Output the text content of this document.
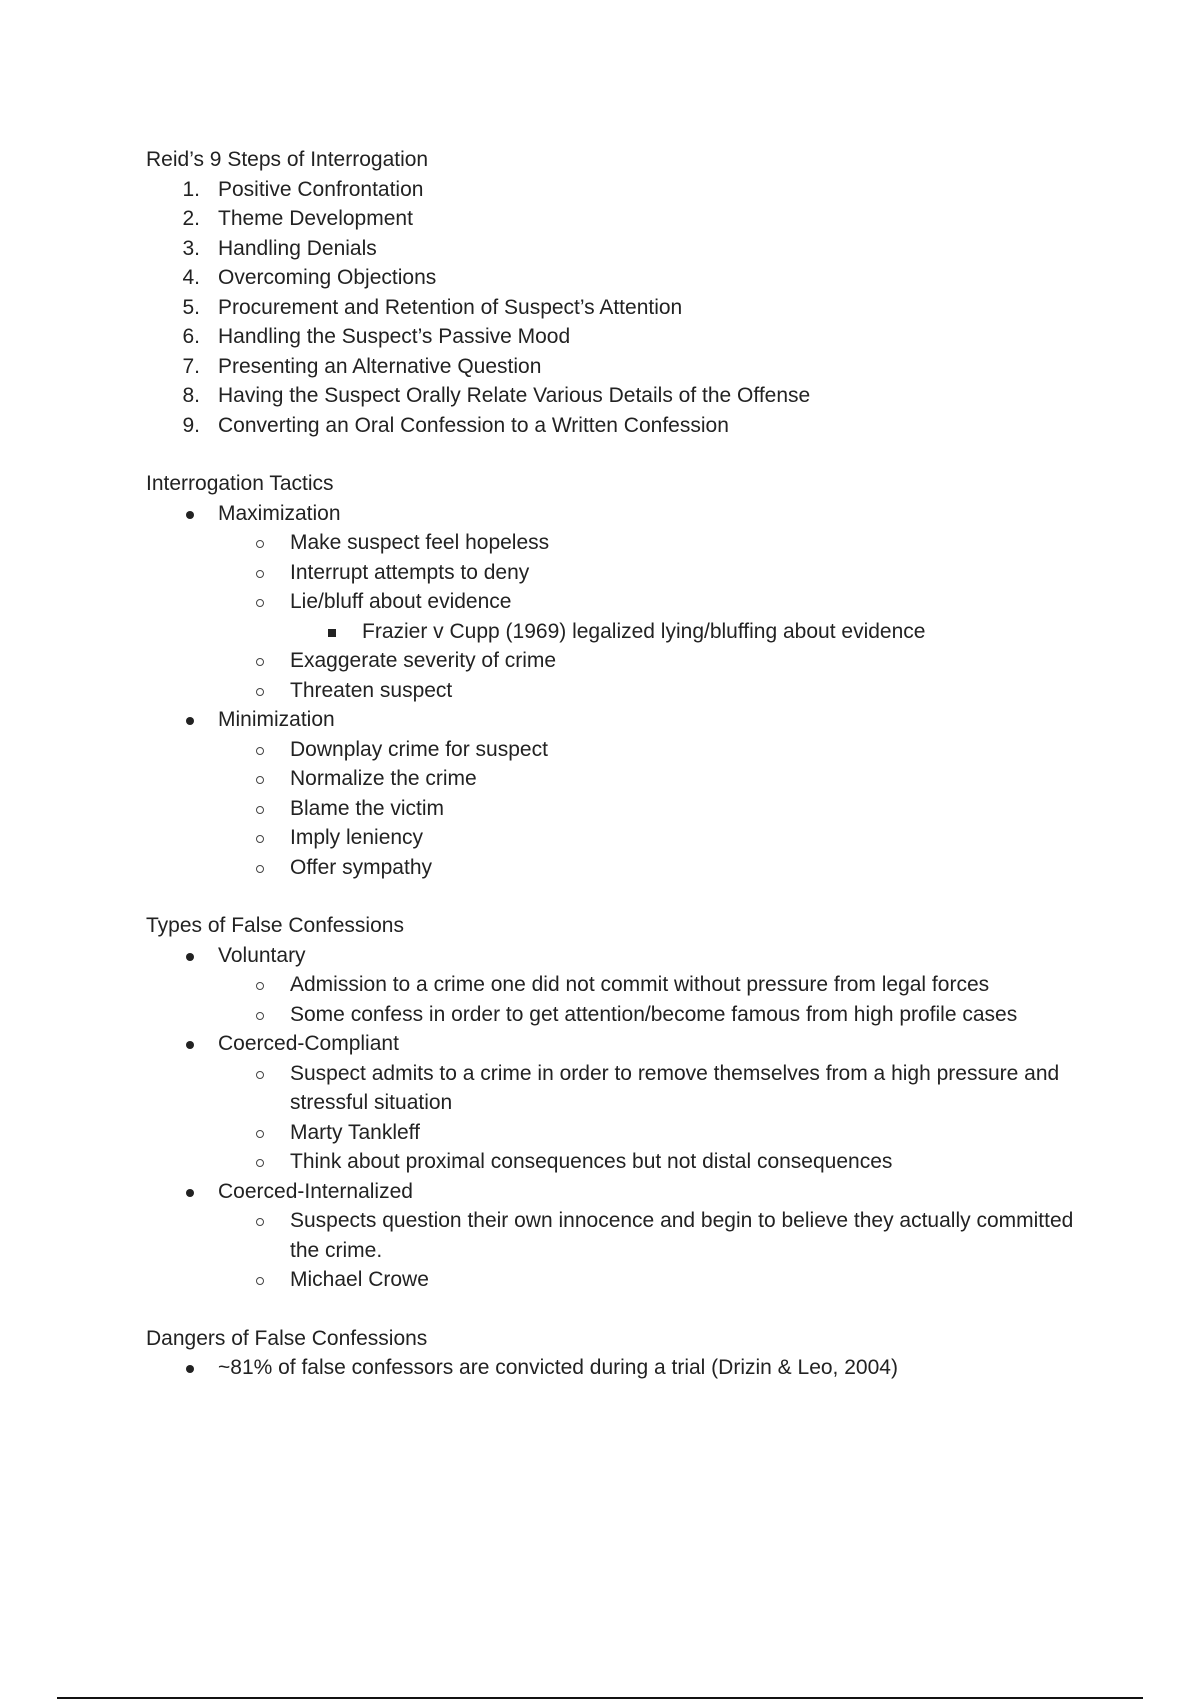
Reid’s 9 Steps of Interrogation

1. Positive Confrontation
2. Theme Development
3. Handling Denials
4. Overcoming Objections
5. Procurement and Retention of Suspect’s Attention
6. Handling the Suspect’s Passive Mood
7. Presenting an Alternative Question
8. Having the Suspect Orally Relate Various Details of the Offense
9. Converting an Oral Confession to a Written Confession

Interrogation Tactics

Maximization
Make suspect feel hopeless
Interrupt attempts to deny
Lie/bluff about evidence
Frazier v Cupp (1969) legalized lying/bluffing about evidence
Exaggerate severity of crime
Threaten suspect
Minimization
Downplay crime for suspect
Normalize the crime
Blame the victim
Imply leniency
Offer sympathy

Types of False Confessions

Voluntary
Admission to a crime one did not commit without pressure from legal forces
Some confess in order to get attention/become famous from high profile cases
Coerced-Compliant
Suspect admits to a crime in order to remove themselves from a high pressure and stressful situation
Marty Tankleff
Think about proximal consequences but not distal consequences
Coerced-Internalized
Suspects question their own innocence and begin to believe they actually committed the crime.
Michael Crowe

Dangers of False Confessions

~81% of false confessors are convicted during a trial (Drizin & Leo, 2004)
